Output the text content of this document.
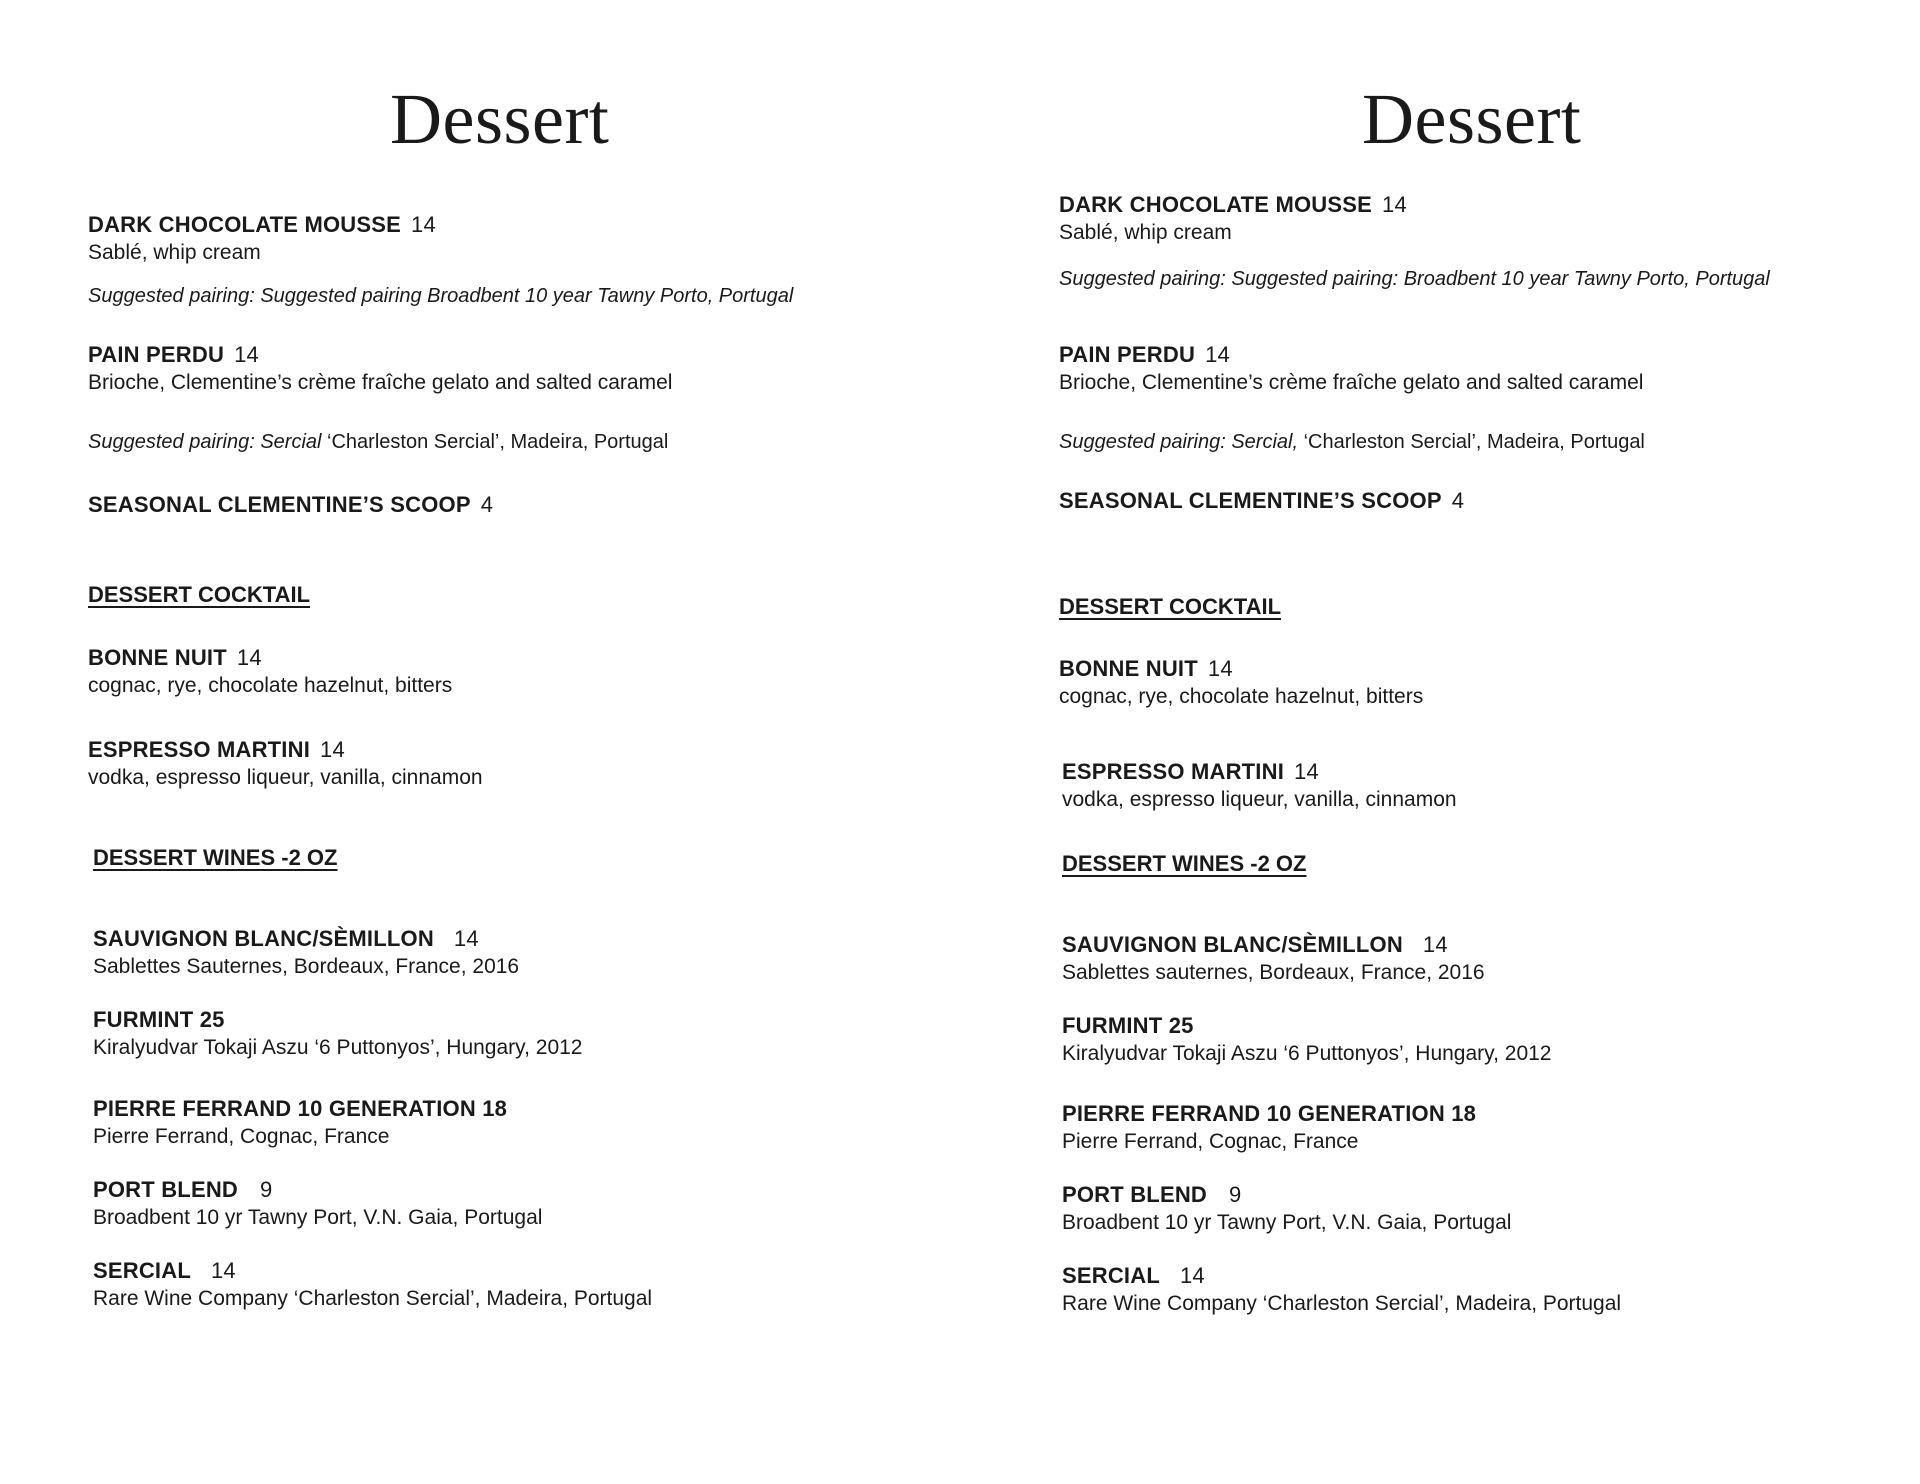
Dessert
DARK CHOCOLATE MOUSSE 14
Sablé, whip cream
Suggested pairing: Suggested pairing Broadbent 10 year Tawny Porto, Portugal
PAIN PERDU 14
Brioche, Clementine’s crème fraîche gelato and salted caramel
Suggested pairing: Sercial ‘Charleston Sercial’, Madeira, Portugal
SEASONAL CLEMENTINE’S SCOOP 4
DESSERT COCKTAIL
BONNE NUIT 14
cognac, rye, chocolate hazelnut, bitters
ESPRESSO MARTINI 14
vodka, espresso liqueur, vanilla, cinnamon
DESSERT WINES -2 OZ
SAUVIGNON BLANC/SÈMILLON 14
Sablettes Sauternes, Bordeaux, France, 2016
FURMINT 25
Kiralyudvar Tokaji Aszu ‘6 Puttonyos’, Hungary, 2012
PIERRE FERRAND 10 GENERATION 18
Pierre Ferrand, Cognac, France
PORT BLEND 9
Broadbent 10 yr Tawny Port, V.N. Gaia, Portugal
SERCIAL 14
Rare Wine Company ‘Charleston Sercial’, Madeira, Portugal
Dessert
DARK CHOCOLATE MOUSSE 14
Sablé, whip cream
Suggested pairing: Suggested pairing: Broadbent 10 year Tawny Porto, Portugal
PAIN PERDU 14
Brioche, Clementine’s crème fraîche gelato and salted caramel
Suggested pairing: Sercial, ‘Charleston Sercial’, Madeira, Portugal
SEASONAL CLEMENTINE’S SCOOP 4
DESSERT COCKTAIL
BONNE NUIT 14
cognac, rye, chocolate hazelnut, bitters
ESPRESSO MARTINI 14
vodka, espresso liqueur, vanilla, cinnamon
DESSERT WINES -2 OZ
SAUVIGNON BLANC/SÈMILLON 14
Sablettes sauternes, Bordeaux, France, 2016
FURMINT 25
Kiralyudvar Tokaji Aszu ‘6 Puttonyos’, Hungary, 2012
PIERRE FERRAND 10 GENERATION 18
Pierre Ferrand, Cognac, France
PORT BLEND 9
Broadbent 10 yr Tawny Port, V.N. Gaia, Portugal
SERCIAL 14
Rare Wine Company ‘Charleston Sercial’, Madeira, Portugal
